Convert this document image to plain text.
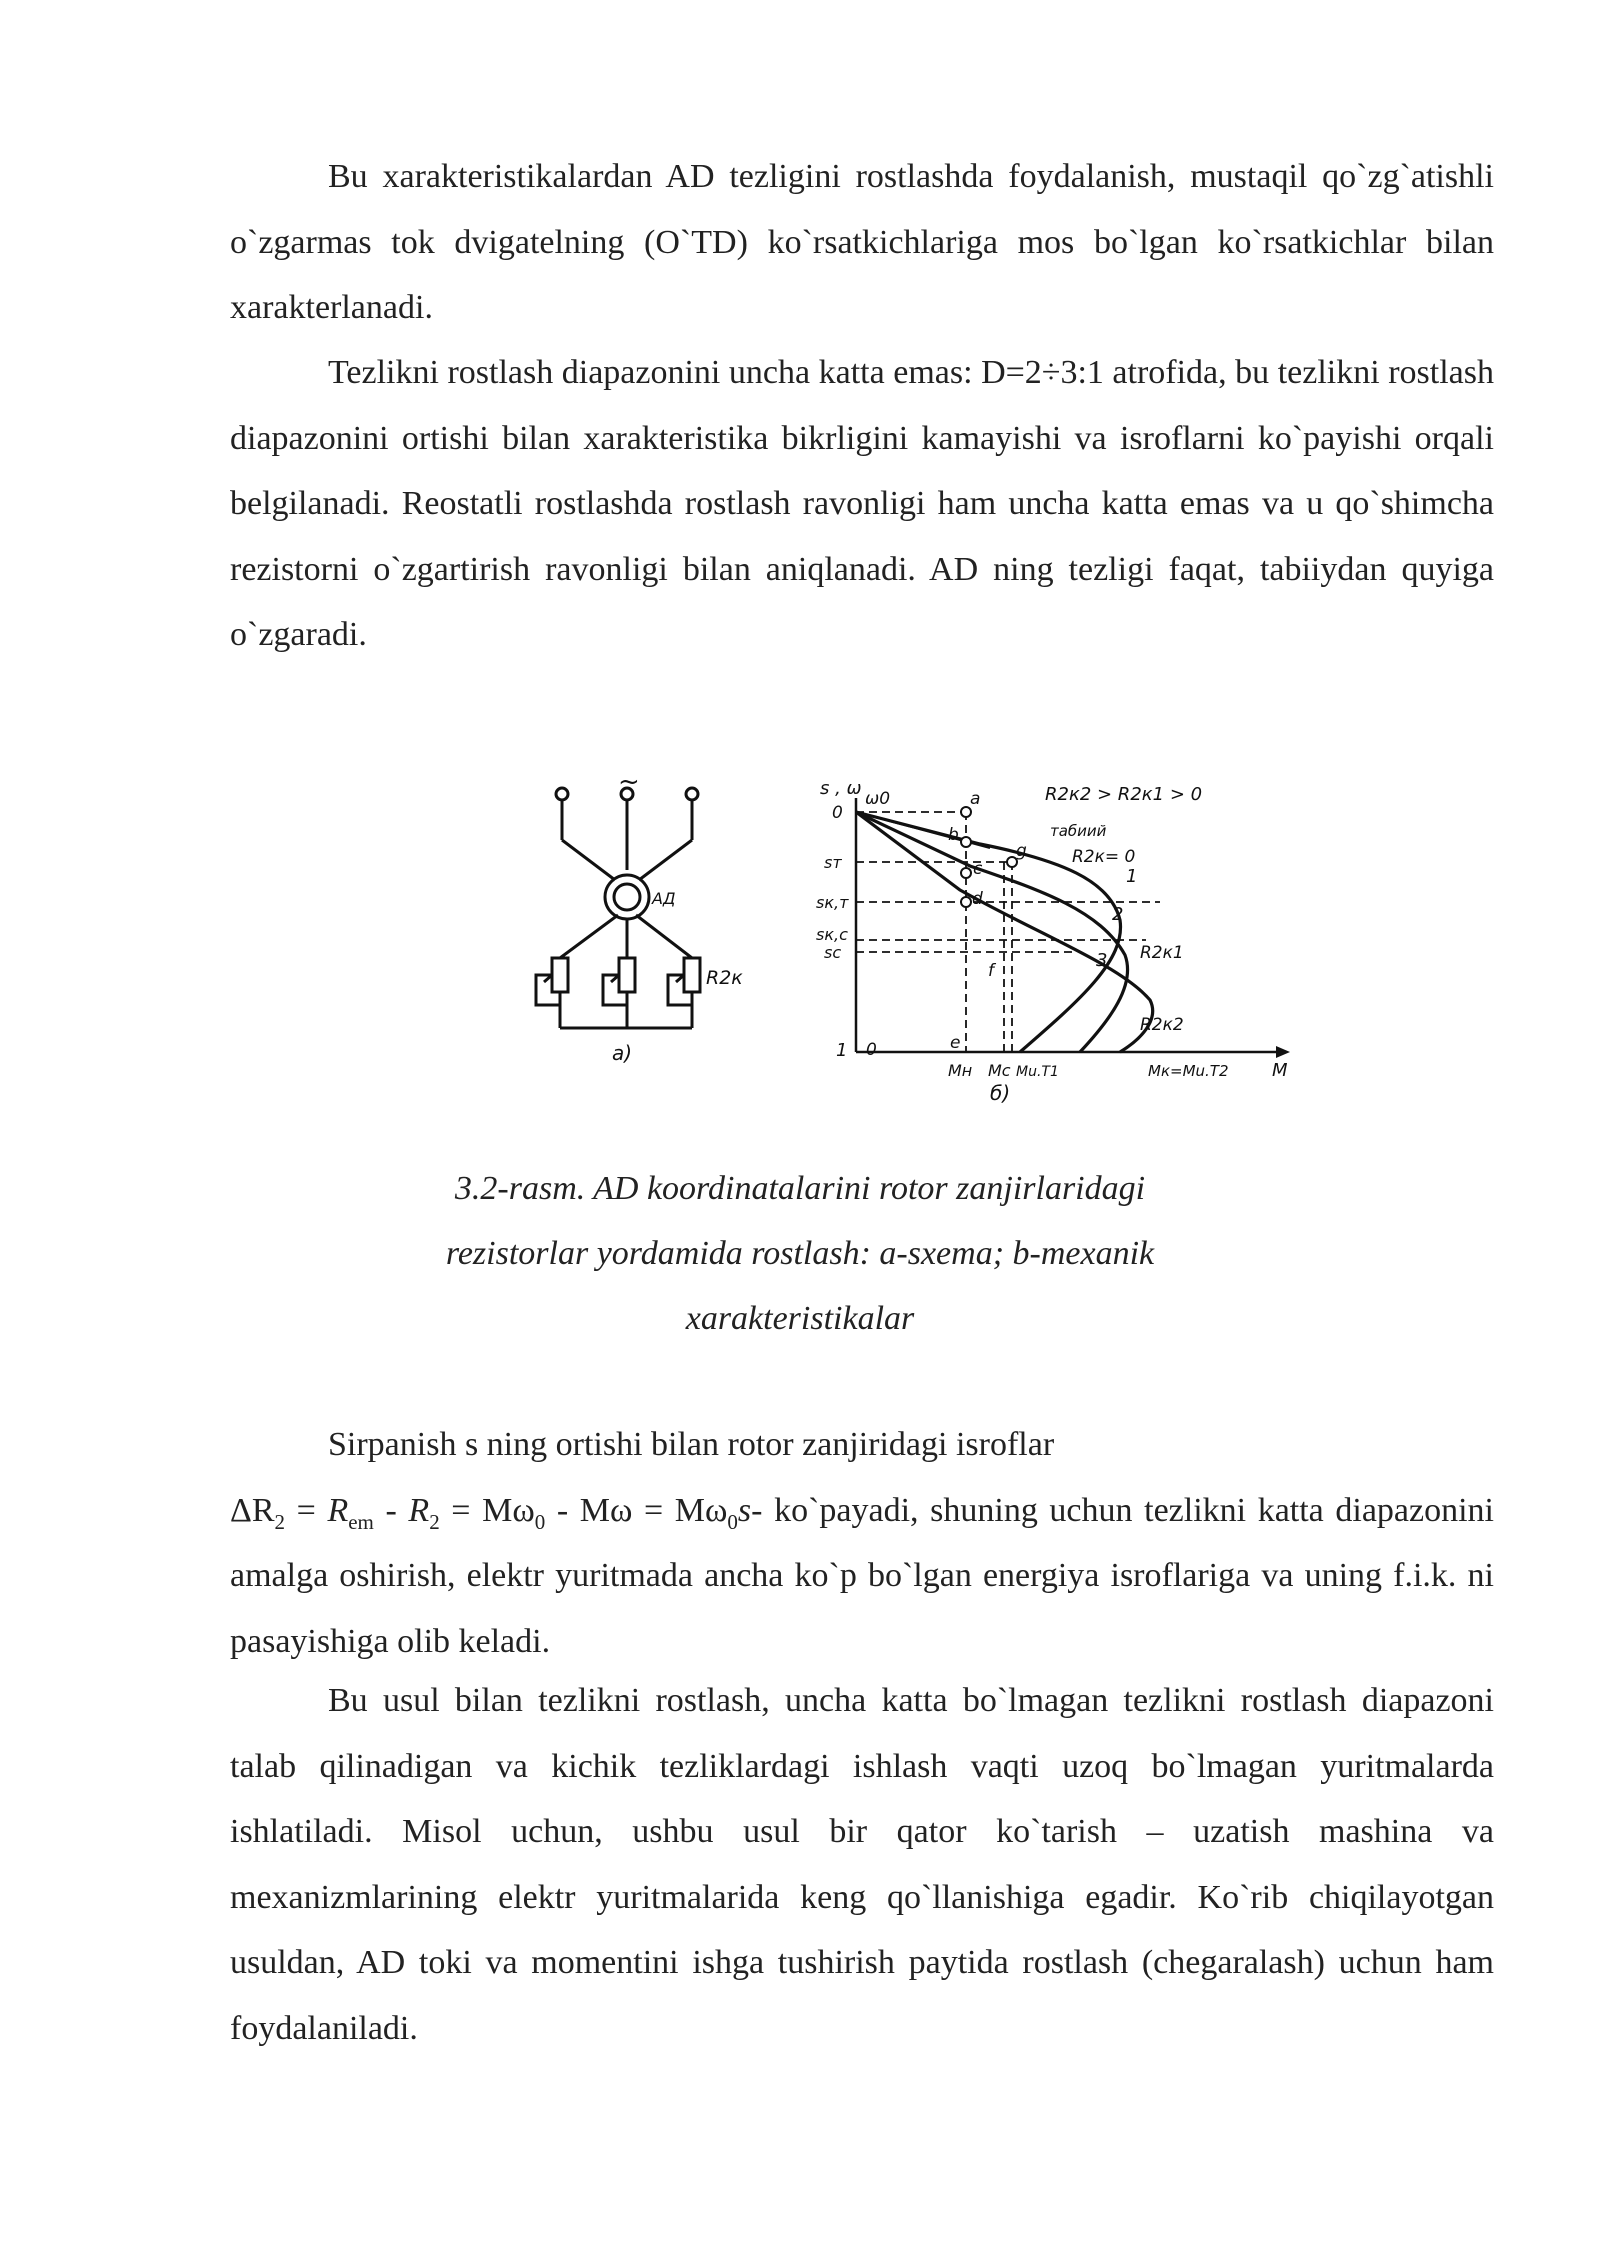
Bu xarakteristikalardan AD tezligini rostlashda foydalanish, mustaqil qo`zg`atishli o`zgarmas tok dvigatelning (O`TD) ko`rsatkichlariga mos bo`lgan ko`rsatkichlar bilan xarakterlanadi.

Tezlikni rostlash diapazonini uncha katta emas: D=2÷3:1 atrofida, bu tezlikni rostlash diapazonini ortishi bilan xarakteristika bikrligini kamayishi va isroflarni ko`payishi orqali belgilanadi. Reostatli rostlashda rostlash ravonligi ham uncha katta emas va u qo`shimcha rezistorni o`zgartirish ravonligi bilan aniqlanadi. AD ning tezligi faqat, tabiiydan quyiga o`zgaradi.

~
АД
R2к
а)
s , ω ω0
0
sт
sк,т
sк,с
sс
1 0
R2к2 > R2к1 > 0
табиий
R2к= 0
R2к1
R2к2
1
2
3
a
b
c
d
e
f
g
Mн Mс Mu.Т1	Mк=Mu.Т2 M
б)
3.2-rasm. AD koordinatalarini rotor zanjirlaridagi
rezistorlar yordamida rostlash: a-sxema; b-mexanik
xarakteristikalar
Sirpanish s ning ortishi bilan rotor zanjiridagi isroflar
$\Delta R_2 = R_{em} - R_2 = M\omega_0 - M\omega = M\omega_0s-$ ko`payadi, shuning uchun tezlikni katta diapazonini amalga oshirish, elektr yuritmada ancha ko`p bo`lgan energiya isroflariga va uning f.i.k. ni pasayishiga olib keladi.

Bu usul bilan tezlikni rostlash, uncha katta bo`lmagan tezlikni rostlash diapazoni talab qilinadigan va kichik tezliklardagi ishlash vaqti uzoq bo`lmagan yuritmalarda ishlatiladi. Misol uchun, ushbu usul bir qator ko`tarish – uzatish mashina va mexanizmlarining elektr yuritmalarida keng qo`llanishiga egadir. Ko`rib chiqilayotgan usuldan, AD toki va momentini ishga tushirish paytida rostlash (chegaralash) uchun ham foydalaniladi.
